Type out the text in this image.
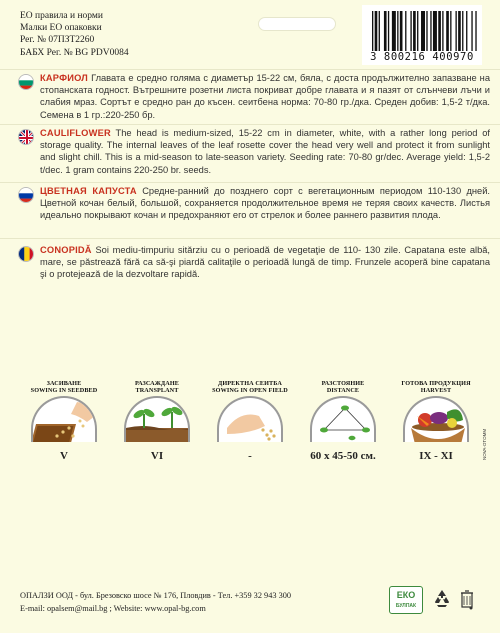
ЕО правила и норми
Малки ЕО опаковки
Рег. № 07ПЗТ2260
БАБХ Рег. № BG PDV0084	3 800216 400970
КАРФИОЛ Главата е средно голяма с диаметър 15-22 см, бяла, с доста продължително запазване на стопанската годност. Вътрешните розетни листа покриват добре главата и я пазят от слънчеви лъчи и слабия мраз. Сортът е средно ран до късен. сеитбена норма: 70-80 гр./дка. Среден добив: 1,5-2 т/дка. Семена в 1 гр.:220-250 бр.
CAULIFLOWER The head is medium-sized, 15-22 cm in diameter, white, with a rather long period of storage quality. The internal leaves of the leaf rosette cover the head very well and protect it from sunlight and slight chill. This is a mid-season to late-season variety. Seeding rate: 70-80 gr/dec. Average yield: 1,5-2 t/dec. 1 gram contains 220-250 br. seeds.
ЦВЕТНАЯ КАПУСТА Средне-ранний до позднего сорт с вегетационным периодом 110-130 дней. Цветной кочан белый, большой, сохраняется продолжительное время не теряя своих качеств. Листья идеально покрывают кочан и предохраняют его от стрелок и более раннего развития плода.
CONOPIDĂ Soi mediu-timpuriu sitărziu cu o perioadă de vegetaţie de 110- 130 zile. Capatana este albă, mare, se păstrează fără ca să-şi piardă calitaţile o perioadă lungă de timp. Frunzele acoperă bine capatana şi o protejează de la dezvoltare rapidă.
ЗАСИВАНЕ
SOWING IN SEEDBED
V
РАЗСАЖДАНЕ
TRANSPLANT
VI
ДИРЕКТНА СЕИТБА
SOWING IN OPEN FIELD
-
РАЗСТОЯНИЕ
DISTANCE
60 x 45-50 см.
ГОТОВА ПРОДУКЦИЯ
HARVEST
IX - XI	NOVA-OTOMM
ОПАЛЗИ ООД - бул. Брезовско шосе № 176, Пловдив - Тел. +359 32 943 300
E-mail: opalsem@mail.bg ; Website: www.opal-bg.com
ЕКО
БУЛПАК
